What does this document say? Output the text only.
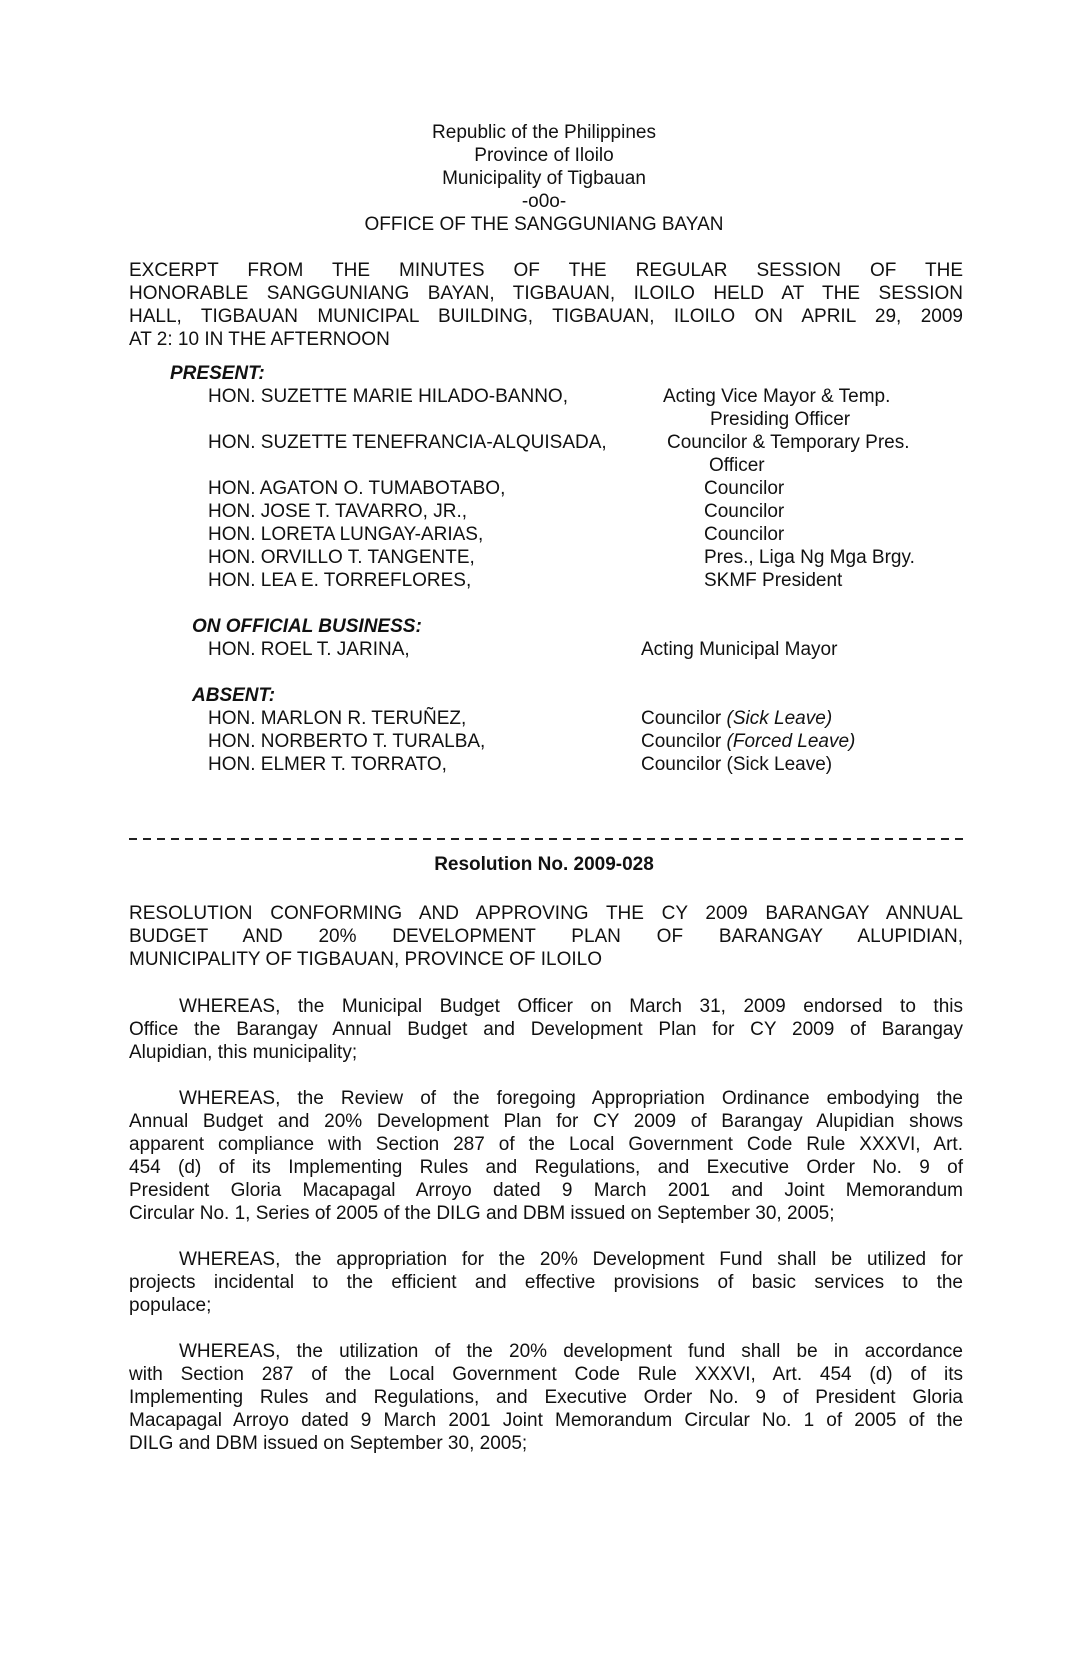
Republic of the Philippines
Province of Iloilo
Municipality of Tigbauan
-o0o-
OFFICE OF THE SANGGUNIANG BAYAN
EXCERPT FROM THE MINUTES OF THE REGULAR SESSION OF THE
HONORABLE SANGGUNIANG BAYAN, TIGBAUAN, ILOILO HELD AT THE SESSION
HALL, TIGBAUAN MUNICIPAL BUILDING, TIGBAUAN, ILOILO ON APRIL 29, 2009
AT 2: 10 IN THE AFTERNOON
PRESENT:
HON. SUZETTE MARIE HILADO-BANNO,	Acting Vice Mayor & Temp.
Presiding Officer
HON. SUZETTE TENEFRANCIA-ALQUISADA,	Councilor & Temporary Pres.
Officer
HON. AGATON O. TUMABOTABO,	Councilor
HON. JOSE T. TAVARRO, JR.,	Councilor
HON. LORETA LUNGAY-ARIAS,	Councilor
HON. ORVILLO T. TANGENTE,	Pres., Liga Ng Mga Brgy.
HON. LEA E. TORREFLORES,	SKMF President
ON OFFICIAL BUSINESS:
HON. ROEL T. JARINA,	Acting Municipal Mayor
ABSENT:
HON. MARLON R. TERUÑEZ,	Councilor (Sick Leave)
HON. NORBERTO T. TURALBA,	Councilor (Forced Leave)
HON. ELMER T. TORRATO,	Councilor (Sick Leave)
Resolution No. 2009-028
RESOLUTION CONFORMING AND APPROVING THE CY 2009 BARANGAY ANNUAL
BUDGET AND 20% DEVELOPMENT PLAN OF BARANGAY ALUPIDIAN,
MUNICIPALITY OF TIGBAUAN, PROVINCE OF ILOILO
WHEREAS, the Municipal Budget Officer on March 31, 2009 endorsed to this
Office the Barangay Annual Budget and Development Plan for CY 2009 of Barangay
Alupidian, this municipality;
WHEREAS, the Review of the foregoing Appropriation Ordinance embodying the
Annual Budget and 20% Development Plan for CY 2009 of Barangay Alupidian shows
apparent compliance with Section 287 of the Local Government Code Rule XXXVI, Art.
454 (d) of its Implementing Rules and Regulations, and Executive Order No. 9 of
President Gloria Macapagal Arroyo dated 9 March 2001 and Joint Memorandum
Circular No. 1, Series of 2005 of the DILG and DBM issued on September 30, 2005;
WHEREAS, the appropriation for the 20% Development Fund shall be utilized for
projects incidental to the efficient and effective provisions of basic services to the
populace;
WHEREAS, the utilization of the 20% development fund shall be in accordance
with Section 287 of the Local Government Code Rule XXXVI, Art. 454 (d) of its
Implementing Rules and Regulations, and Executive Order No. 9 of President Gloria
Macapagal Arroyo dated 9 March 2001 Joint Memorandum Circular No. 1 of 2005 of the
DILG and DBM issued on September 30, 2005;
